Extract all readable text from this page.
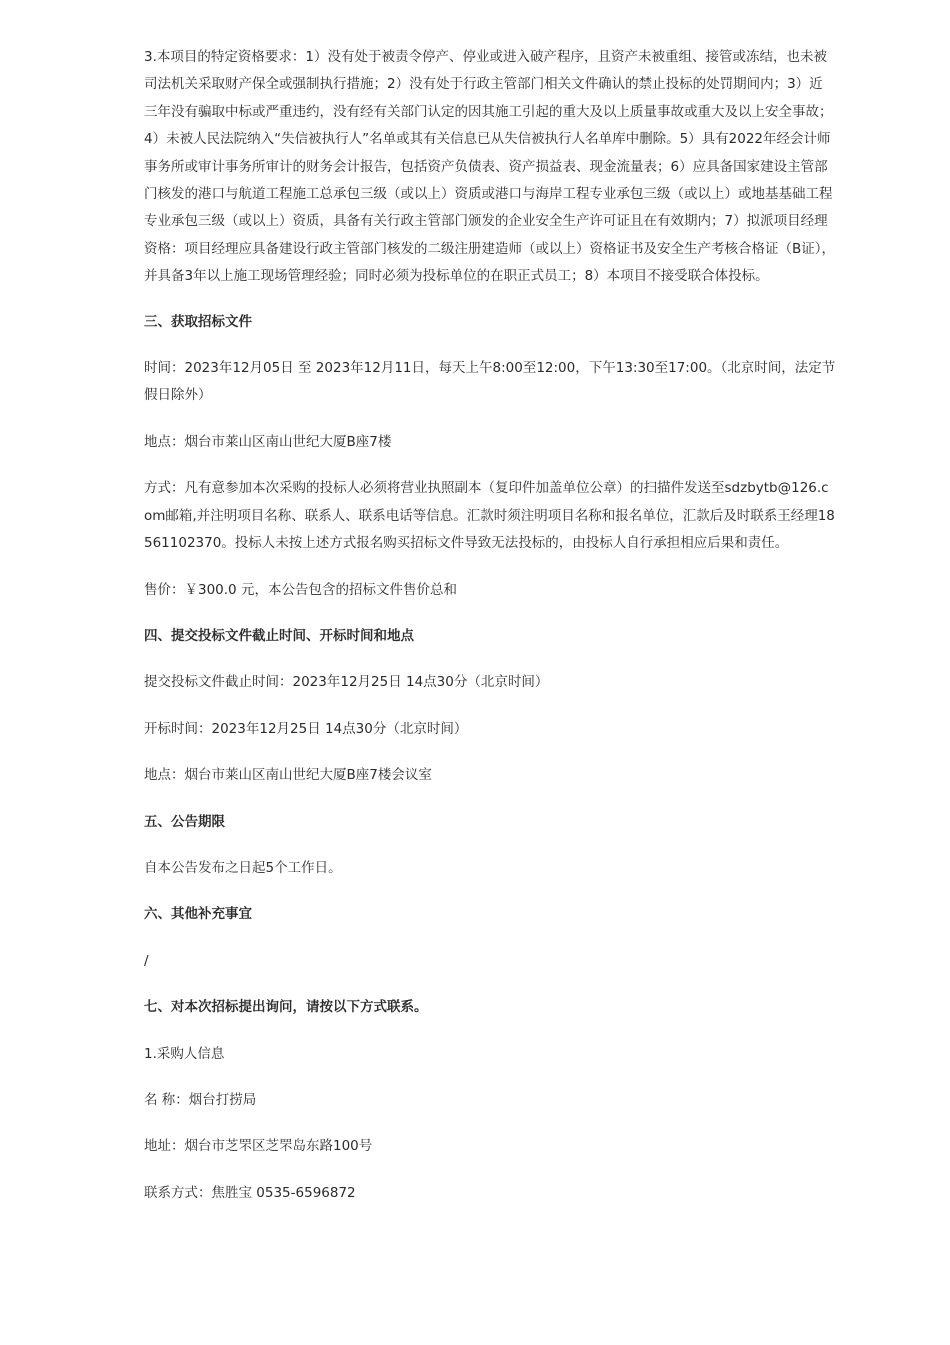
3.本项目的特定资格要求：1）没有处于被责令停产、停业或进入破产程序，且资产未被重组、接管或冻结，也未被司法机关采取财产保全或强制执行措施；2）没有处于行政主管部门相关文件确认的禁止投标的处罚期间内；3）近三年没有骗取中标或严重违约，没有经有关部门认定的因其施工引起的重大及以上质量事故或重大及以上安全事故；4）未被人民法院纳入“失信被执行人”名单或其有关信息已从失信被执行人名单库中删除。5）具有2022年经会计师事务所或审计事务所审计的财务会计报告，包括资产负债表、资产损益表、现金流量表；6）应具备国家建设主管部门核发的港口与航道工程施工总承包三级（或以上）资质或港口与海岸工程专业承包三级（或以上）或地基基础工程专业承包三级（或以上）资质，具备有关行政主管部门颁发的企业安全生产许可证且在有效期内；7）拟派项目经理资格：项目经理应具备建设行政主管部门核发的二级注册建造师（或以上）资格证书及安全生产考核合格证（B证），并具备3年以上施工现场管理经验；同时必须为投标单位的在职正式员工；8）本项目不接受联合体投标。

三、获取招标文件

时间：2023年12月05日 至 2023年12月11日，每天上午8:00至12:00，下午13:30至17:00。（北京时间，法定节假日除外）

地点：烟台市莱山区南山世纪大厦B座7楼

方式：凡有意参加本次采购的投标人必须将营业执照副本（复印件加盖单位公章）的扫描件发送至sdzbytb@126.com邮箱,并注明项目名称、联系人、联系电话等信息。汇款时须注明项目名称和报名单位，汇款后及时联系王经理18561102370。投标人未按上述方式报名购买招标文件导致无法投标的，由投标人自行承担相应后果和责任。

售价：￥300.0 元，本公告包含的招标文件售价总和

四、提交投标文件截止时间、开标时间和地点

提交投标文件截止时间：2023年12月25日 14点30分（北京时间）

开标时间：2023年12月25日 14点30分（北京时间）

地点：烟台市莱山区南山世纪大厦B座7楼会议室

五、公告期限

自本公告发布之日起5个工作日。

六、其他补充事宜

/

七、对本次招标提出询问，请按以下方式联系。

1.采购人信息

名 称：烟台打捞局

地址：烟台市芝罘区芝罘岛东路100号

联系方式：焦胜宝 0535-6596872
